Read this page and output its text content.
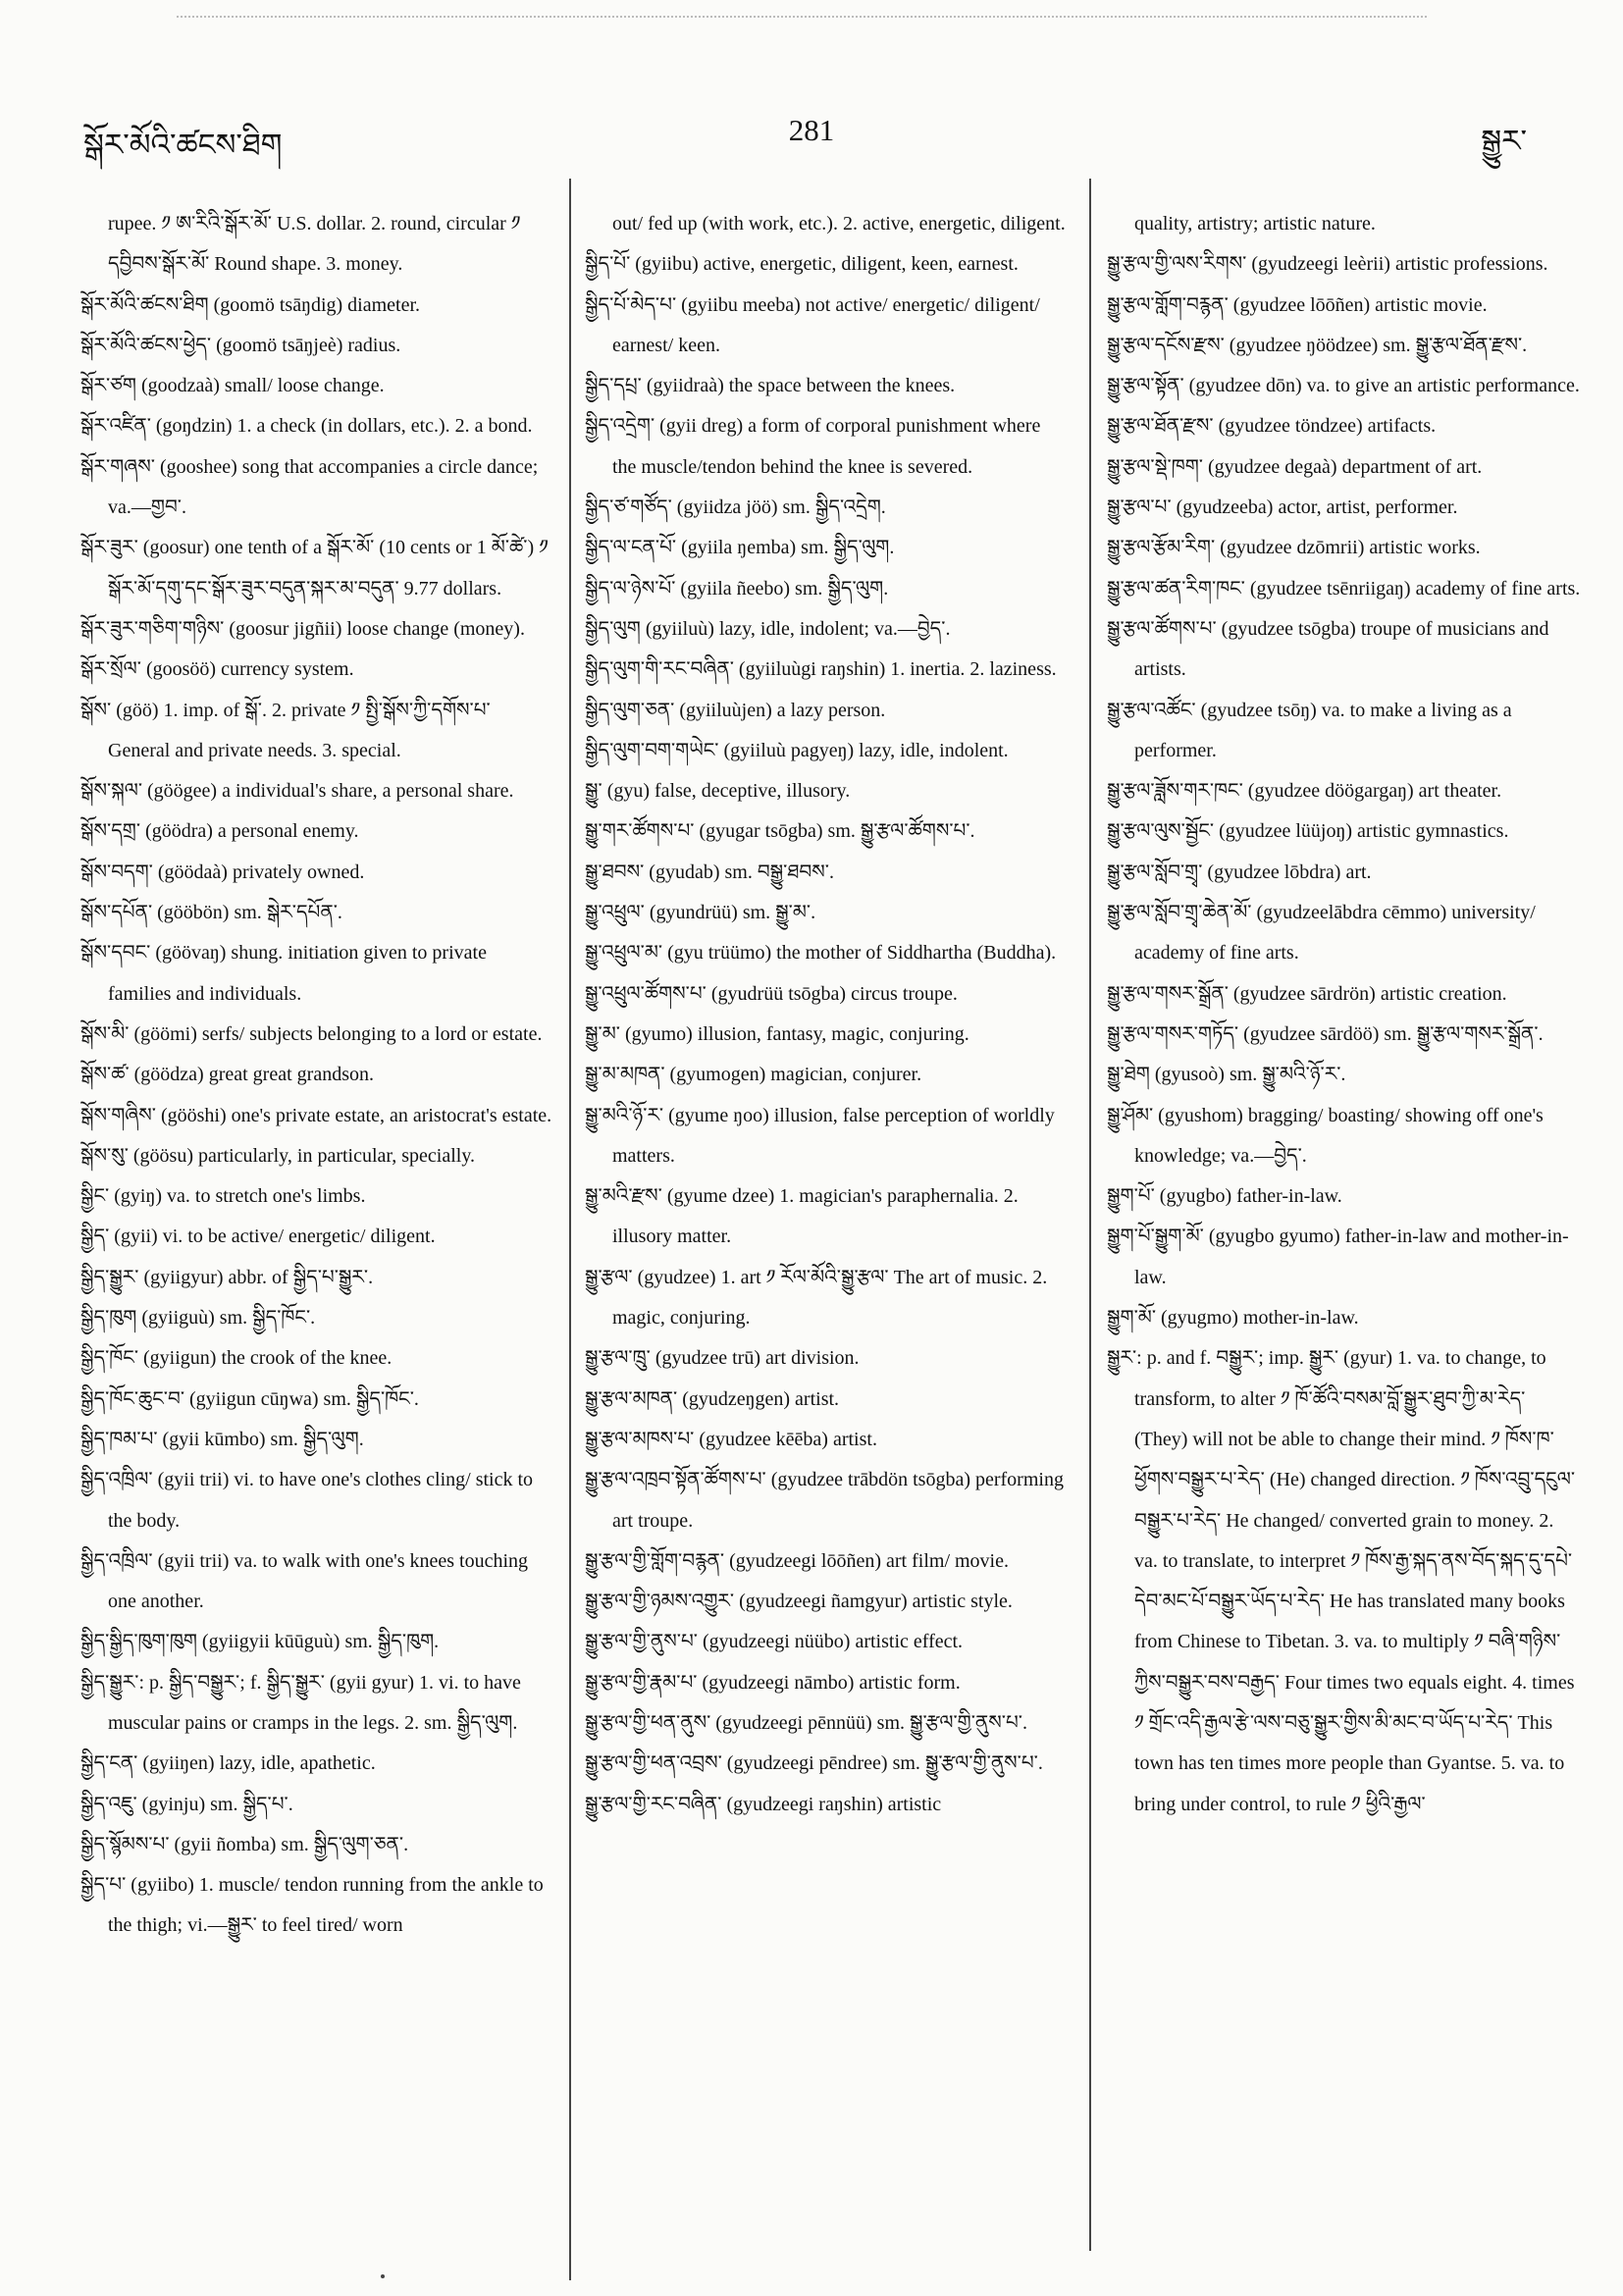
སྒོར་མོའི་ཚངས་ཐིག	281	སྒྱུར་

rupee. ༡ ཨ་རིའི་སྒོར་མོ་ U.S. dollar. 2. round, circular ༡ དབྱིབས་སྒོར་མོ་ Round shape. 3. money.

སྒོར་མོའི་ཚངས་ཐིག (goomö tsāŋdig) diameter.

སྒོར་མོའི་ཚངས་ཕྱེད་ (goomö tsāŋjeè) radius.

སྒོར་ཙག (goodzaà) small/ loose change.

སྒོར་འཛིན་ (goŋdzin) 1. a check (in dollars, etc.). 2. a bond.

སྒོར་གཞས་ (gooshee) song that accompanies a circle dance; va.—གྱབ་.

སྒོར་ཟུར་ (goosur) one tenth of a སྒོར་མོ་ (10 cents or 1 མོ་ཚེ་) ༡ སྒོར་མོ་དགུ་དང་སྒོར་ཟུར་བདུན་སྐར་མ་བདུན་ 9.77 dollars.

སྒོར་ཟུར་གཅིག་གཉིས་ (goosur jigñii) loose change (money).

སྒོར་སྲོལ་ (goosöö) currency system.

སྒོས་ (göö) 1. imp. of སྒོ་. 2. private ༡ སྤྱི་སྒོས་ཀྱི་དགོས་པ་ General and private needs. 3. special.

སྒོས་སྐལ་ (göögee) a individual's share, a personal share.

སྒོས་དགྲ་ (göödra) a personal enemy.

སྒོས་བདག་ (göödaà) privately owned.

སྒོས་དཔོན་ (gööbön) sm. སྒེར་དཔོན་.

སྒོས་དབང་ (göövaŋ) shung. initiation given to private families and individuals.

སྒོས་མི་ (göömi) serfs/ subjects belonging to a lord or estate.

སྒོས་ཚ་ (göödza) great great grandson.

སྒོས་གཞིས་ (gööshi) one's private estate, an aristocrat's estate.

སྒོས་སུ་ (göösu) particularly, in particular, specially.

སྒྱིང་ (gyiŋ) va. to stretch one's limbs.

སྒྱིད་ (gyii) vi. to be active/ energetic/ diligent.

སྒྱིད་སྒྱུར་ (gyiigyur) abbr. of སྒྱིད་པ་སྒྱུར་.

སྒྱིད་ཁུག (gyiiguù) sm. སྒྱིད་ཁོང་.

སྒྱིད་ཁོང་ (gyiigun) the crook of the knee.

སྒྱིད་ཁོང་ཆུང་བ་ (gyiigun cūŋwa) sm. སྒྱིད་ཁོང་.

སྒྱིད་ཁམ་པ་ (gyii kūmbo) sm. སྒྱིད་ལུག.

སྒྱིད་འཁྲིལ་ (gyii trii) vi. to have one's clothes cling/ stick to the body.

སྒྱིད་འཁྲིལ་ (gyii trii) va. to walk with one's knees touching one another.

སྒྱིད་སྒྱིད་ཁུག་ཁུག (gyiigyii kūūguù) sm. སྒྱིད་ཁུག.

སྒྱིད་སྒྱུར་: p. སྒྱིད་བསྒྱུར་; f. སྒྱིད་སྒྱུར་ (gyii gyur) 1. vi. to have muscular pains or cramps in the legs. 2. sm. སྒྱིད་ལུག.

སྒྱིད་ངན་ (gyiiŋen) lazy, idle, apathetic.

སྒྱིད་འཇུ་ (gyinju) sm. སྒྱིད་པ་.

སྒྱིད་སྙོམས་པ་ (gyii ñomba) sm. སྒྱིད་ལུག་ཅན་.

སྒྱིད་པ་ (gyiibo) 1. muscle/ tendon running from the ankle to the thigh; vi.—སྒྱུར་ to feel tired/ worn

out/ fed up (with work, etc.). 2. active, energetic, diligent.

སྒྱིད་པོ་ (gyiibu) active, energetic, diligent, keen, earnest.

སྒྱིད་པོ་མེད་པ་ (gyiibu meeba) not active/ energetic/ diligent/ earnest/ keen.

སྒྱིད་དཔྲ་ (gyiidraà) the space between the knees.

སྒྱིད་འདྲེག་ (gyii dreg) a form of corporal punishment where the muscle/tendon behind the knee is severed.

སྒྱིད་ཙ་གཙོད་ (gyiidza jöö) sm. སྒྱིད་འདྲེག.

སྒྱིད་ལ་ངན་པོ་ (gyiila ŋemba) sm. སྒྱིད་ལུག.

སྒྱིད་ལ་ཉེས་པོ་ (gyiila ñeebo) sm. སྒྱིད་ལུག.

སྒྱིད་ལུག (gyiiluù) lazy, idle, indolent; va.—བྱེད་.

སྒྱིད་ལུག་གི་རང་བཞིན་ (gyiiluùgi raŋshin) 1. inertia. 2. laziness.

སྒྱིད་ལུག་ཅན་ (gyiiluùjen) a lazy person.

སྒྱིད་ལུག་བག་གཡེང་ (gyiiluù pagyeŋ) lazy, idle, indolent.

སྒྱུ་ (gyu) false, deceptive, illusory.

སྒྱུ་གར་ཚོགས་པ་ (gyugar tsōgba) sm. སྒྱུ་རྩལ་ཚོགས་པ་.

སྒྱུ་ཐབས་ (gyudab) sm. བསྒྱུ་ཐབས་.

སྒྱུ་འཕྲུལ་ (gyundrüü) sm. སྒྱུ་མ་.

སྒྱུ་འཕྲུལ་མ་ (gyu trüümo) the mother of Siddhartha (Buddha).

སྒྱུ་འཕྲུལ་ཚོགས་པ་ (gyudrüü tsōgba) circus troupe.

སྒྱུ་མ་ (gyumo) illusion, fantasy, magic, conjuring.

སྒྱུ་མ་མཁན་ (gyumogen) magician, conjurer.

སྒྱུ་མའི་ཉོ་ར་ (gyume ŋoo) illusion, false perception of worldly matters.

སྒྱུ་མའི་རྫས་ (gyume dzee) 1. magician's paraphernalia. 2. illusory matter.

སྒྱུ་རྩལ་ (gyudzee) 1. art ༡ རོལ་མོའི་སྒྱུ་རྩལ་ The art of music. 2. magic, conjuring.

སྒྱུ་རྩལ་ཁྲུ་ (gyudzee trū) art division.

སྒྱུ་རྩལ་མཁན་ (gyudzeŋgen) artist.

སྒྱུ་རྩལ་མཁས་པ་ (gyudzee kēēba) artist.

སྒྱུ་རྩལ་འཁྲབ་སྟོན་ཚོགས་པ་ (gyudzee trābdön tsōgba) performing art troupe.

སྒྱུ་རྩལ་གྱི་གློག་བརྙན་ (gyudzeegi lōōñen) art film/ movie.

སྒྱུ་རྩལ་གྱི་ཉམས་འགྱུར་ (gyudzeegi ñamgyur) artistic style.

སྒྱུ་རྩལ་གྱི་ནུས་པ་ (gyudzeegi nüübo) artistic effect.

སྒྱུ་རྩལ་གྱི་རྣམ་པ་ (gyudzeegi nāmbo) artistic form.

སྒྱུ་རྩལ་གྱི་ཕན་ནུས་ (gyudzeegi pēnnüü) sm. སྒྱུ་རྩལ་གྱི་ནུས་པ་.

སྒྱུ་རྩལ་གྱི་ཕན་འབྲས་ (gyudzeegi pēndree) sm. སྒྱུ་རྩལ་གྱི་ནུས་པ་.

སྒྱུ་རྩལ་གྱི་རང་བཞིན་ (gyudzeegi raŋshin) artistic

quality, artistry; artistic nature.

སྒྱུ་རྩལ་གྱི་ལས་རིགས་ (gyudzeegi leèrii) artistic professions.

སྒྱུ་རྩལ་གློག་བརྙན་ (gyudzee lōōñen) artistic movie.

སྒྱུ་རྩལ་དངོས་རྫས་ (gyudzee ŋöödzee) sm. སྒྱུ་རྩལ་ཐོན་རྫས་.

སྒྱུ་རྩལ་སྟོན་ (gyudzee dōn) va. to give an artistic performance.

སྒྱུ་རྩལ་ཐོན་རྫས་ (gyudzee töndzee) artifacts.

སྒྱུ་རྩལ་སྡེ་ཁག་ (gyudzee degaà) department of art.

སྒྱུ་རྩལ་པ་ (gyudzeeba) actor, artist, performer.

སྒྱུ་རྩལ་རྩོམ་རིག་ (gyudzee dzōmrii) artistic works.

སྒྱུ་རྩལ་ཚན་རིག་ཁང་ (gyudzee tsēnriigaŋ) academy of fine arts.

སྒྱུ་རྩལ་ཚོགས་པ་ (gyudzee tsōgba) troupe of musicians and artists.

སྒྱུ་རྩལ་འཚོང་ (gyudzee tsōŋ) va. to make a living as a performer.

སྒྱུ་རྩལ་ཟློས་གར་ཁང་ (gyudzee döögargaŋ) art theater.

སྒྱུ་རྩལ་ལུས་སྦྱོང་ (gyudzee lüüjoŋ) artistic gymnastics.

སྒྱུ་རྩལ་སློབ་གྲྭ་ (gyudzee lōbdra) art.

སྒྱུ་རྩལ་སློབ་གྲྭ་ཆེན་མོ་ (gyudzeelābdra cēmmo) university/ academy of fine arts.

སྒྱུ་རྩལ་གསར་སྒྲོན་ (gyudzee sārdrön) artistic creation.

སྒྱུ་རྩལ་གསར་གཏོད་ (gyudzee sārdöö) sm. སྒྱུ་རྩལ་གསར་སྒྲོན་.

སྒྱུ་ཐེག (gyusoò) sm. སྒྱུ་མའི་ཉོ་ར་.

སྒྱུ་ཤོམ་ (gyushom) bragging/ boasting/ showing off one's knowledge; va.—བྱེད་.

སྒྱུག་པོ་ (gyugbo) father-in-law.

སྒྱུག་པོ་སྒྱུག་མོ་ (gyugbo gyumo) father-in-law and mother-in-law.

སྒྱུག་མོ་ (gyugmo) mother-in-law.

སྒྱུར་: p. and f. བསྒྱུར་; imp. སྒྱུར་ (gyur) 1. va. to change, to transform, to alter ༡ ཁོ་ཚོའི་བསམ་བློ་སྒྱུར་ཐུབ་ཀྱི་མ་རེད་ (They) will not be able to change their mind. ༡ ཁོས་ཁ་ཕྱོགས་བསྒྱུར་པ་རེད་ (He) changed direction. ༡ ཁོས་འབྲུ་དངུལ་བསྒྱུར་པ་རེད་ He changed/ converted grain to money. 2. va. to translate, to interpret ༡ ཁོས་རྒྱ་སྐད་ནས་བོད་སྐད་དུ་དཔེ་དེབ་མང་པོ་བསྒྱུར་ཡོད་པ་རེད་ He has translated many books from Chinese to Tibetan. 3. va. to multiply ༡ བཞི་གཉིས་ཀྱིས་བསྒྱུར་བས་བརྒྱད་ Four times two equals eight. 4. times ༡ གྲོང་འདི་རྒྱལ་རྩེ་ལས་བཅུ་སྒྱུར་གྱིས་མི་མང་བ་ཡོད་པ་རེད་ This town has ten times more people than Gyantse. 5. va. to bring under control, to rule ༡ ཕྱིའི་རྒྱལ་
